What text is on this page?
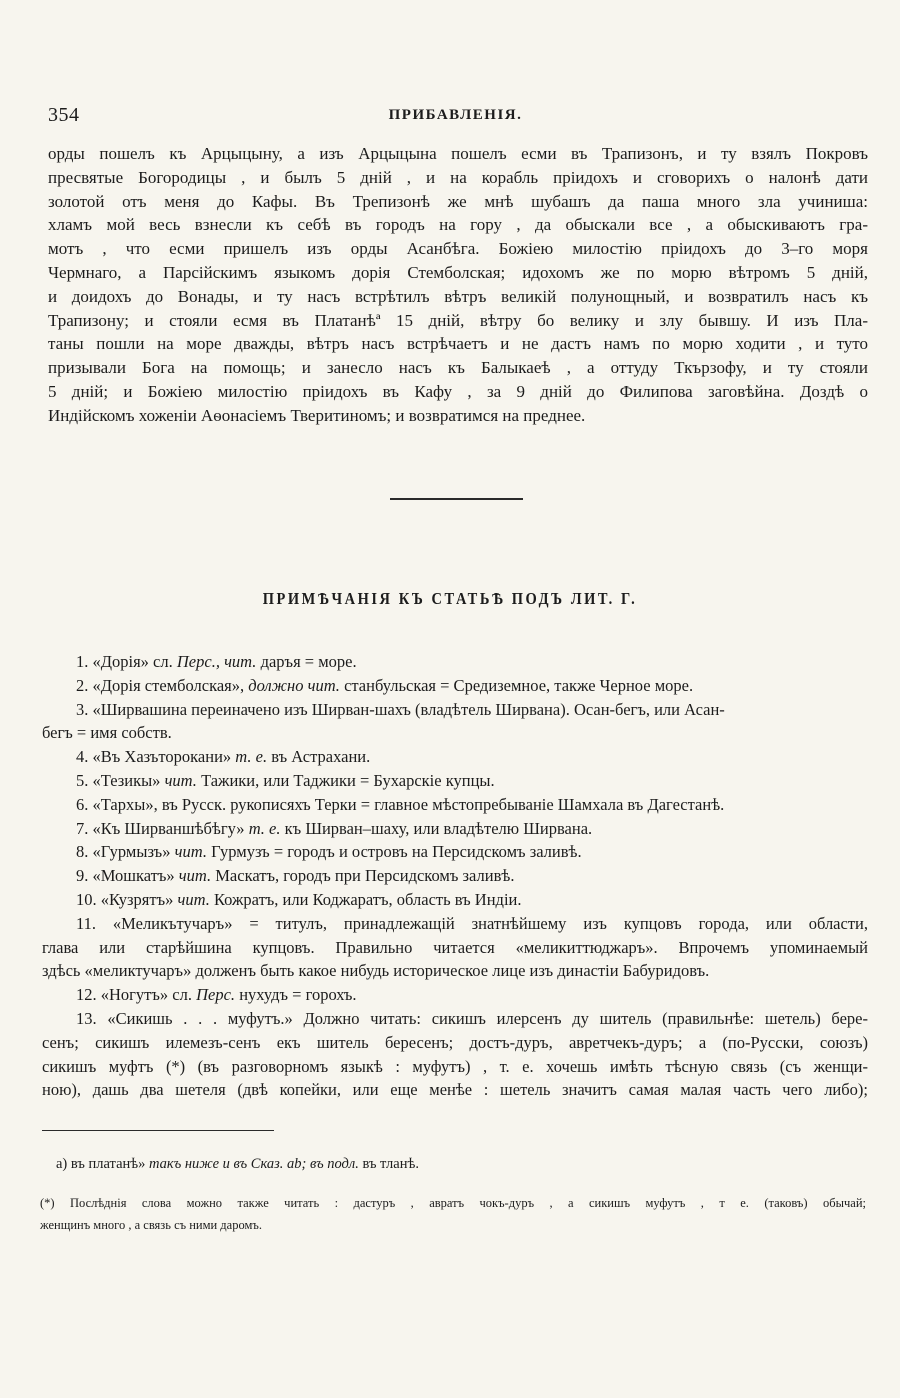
354	ПРИБАВЛЕНІЯ.
орды пошелъ къ Арцыцыну, а изъ Арцыцына пошелъ есми въ Трапизонъ, и ту взялъ Покровъ
пресвятые Богородицы , и былъ 5 днiй , и на корабль прiидохъ и сговорихъ о налонѣ дати
золотой отъ меня до Кафы. Въ Трепизонѣ же мнѣ шубашъ да паша много зла учиниша:
хламъ мой весь взнесли къ себѣ въ городъ на гору , да обыскали все , а обыскиваютъ гра-
мотъ , что есми пришелъ изъ орды Асанбѣга. Божiею милостiю прiидохъ до 3–го моря
Чермнаго, а Парсiйскимъ языкомъ дорiя Стемболская; идохомъ же по морю вѣтромъ 5 днiй,
и доидохъ до Вонады, и ту насъ встрѣтилъ вѣтръ великiй полунощный, и возвратилъ насъ къ
Трапизону; и стояли есмя въ Платанѣª 15 днiй, вѣтру бо велику и злу бывшу. И изъ Пла-
таны пошли на море дважды, вѣтръ насъ встрѣчаетъ и не дастъ намъ по морю ходити , и туто
призывали Бога на помощь; и занесло насъ къ Балыкаеѣ , а оттуду Ткързофу, и ту стояли
5 днiй; и Божiею милостiю прiидохъ въ Кафу , за 9 днiй до Филипова заговѣйна. Доздѣ о
Индiйскомъ хоженiи Аѳонасiемъ Тверитиномъ; и возвратимся на преднее.
ПРИМѢЧАНІЯ КЪ СТАТЬѢ ПОДЪ ЛИТ. Г.
1. «Дорiя» сл. Перс., чит. даръя = море.
2. «Дорiя стемболская», должно чит. станбульская = Средиземное, также Черное море.
3. «Ширвашина переиначено изъ Ширван-шахъ (владѣтель Ширвана). Осан-бегъ, или Асан-
бегъ = имя собств.
4. «Въ Хазъторокани» т. е. въ Астрахани.
5. «Тезикы» чит. Тажики, или Таджики = Бухарскiе купцы.
6. «Тархы», въ Русск. рукописяхъ Терки = главное мѣстопребыванiе Шамхала въ Дагестанѣ.
7. «Къ Ширваншѣбѣгу» т. е. къ Ширван–шаху, или владѣтелю Ширвана.
8. «Гурмызъ» чит. Гурмузъ = городъ и островъ на Персидскомъ заливѣ.
9. «Мошкатъ» чит. Маскатъ, городъ при Персидскомъ заливѣ.
10. «Кузрятъ» чит. Кожратъ, или Коджаратъ, область въ Индiи.
11. «Меликътучаръ» = титулъ, принадлежащiй знатнѣйшему изъ купцовъ города, или области,
глава или старѣйшина купцовъ. Правильно читается «меликиттюджаръ». Впрочемъ упоминаемый
здѣсь «меликтучаръ» долженъ быть какое нибудь историческое лице изъ династiи Бабуридовъ.
12. «Ногутъ» сл. Перс. нухудъ = горохъ.
13. «Сикишь . . . муфутъ.» Должно читать: сикишъ илерсенъ ду шитель (правильнѣе: шетель) бере-
сенъ; сикишъ илемезъ-сенъ екъ шитель бересенъ; достъ-дуръ, авретчекъ-дуръ; а (по-Русски, союзъ)
сикишъ муфтъ (*) (въ разговорномъ языкѣ : муфутъ) , т. е. хочешь имѣть тѣсную связь (съ женщи-
ною), дашь два шетеля (двѣ копейки, или еще менѣе : шетель значитъ самая малая часть чего либо);
a) въ платанѣ» такъ ниже и въ Сказ. аb; въ подл. въ тланѣ.
(*) Послѣднiя слова можно также читать : дастуръ , авратъ чокъ-дуръ , а сикишъ муфутъ , т е. (таковъ) обычай;
женщинъ много , а связь съ ними даромъ.
